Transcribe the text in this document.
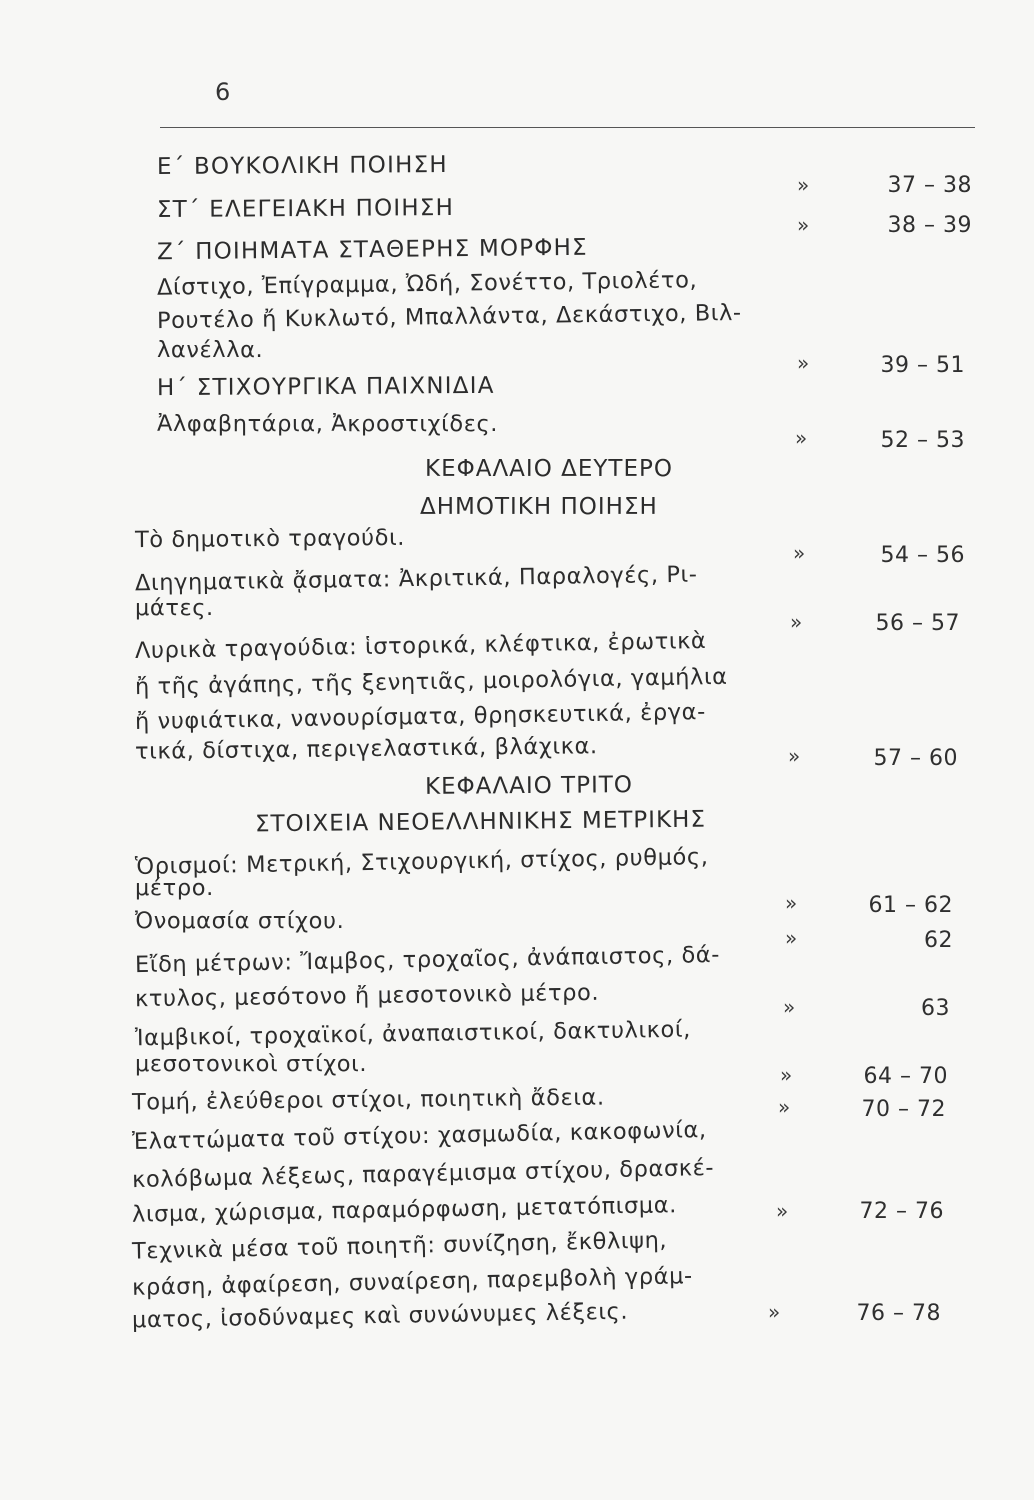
6
Ε΄ ΒΟΥΚΟΛΙΚΗ ΠΟΙΗΣΗ
ΣΤ΄ ΕΛΕΓΕΙΑΚΗ ΠΟΙΗΣΗ
Ζ΄ ΠΟΙΗΜΑΤΑ ΣΤΑΘΕΡΗΣ ΜΟΡΦΗΣ
Δίστιχο, Ἐπίγραμμα, Ὠδή, Σονέττο, Τριολέτο,
Ρουτέλο ἤ Κυκλωτό, Μπαλλάντα, Δεκάστιχο, Βιλ-
λανέλλα.
Η΄ ΣΤΙΧΟΥΡΓΙΚΑ ΠΑΙΧΝΙΔΙΑ
Ἀλφαβητάρια, Ἀκροστιχίδες.
ΚΕΦΑΛΑΙΟ ΔΕΥΤΕΡΟ
ΔΗΜΟΤΙΚΗ ΠΟΙΗΣΗ
Τὸ δημοτικὸ τραγούδι.
Διηγηματικὰ ᾄσματα: Ἀκριτικά, Παραλογές, Ρι-
μάτες.
Λυρικὰ τραγούδια: ἱστορικά, κλέφτικα, ἐρωτικὰ
ἤ τῆς ἀγάπης, τῆς ξενητιᾶς, μοιρολόγια, γαμήλια
ἤ νυφιάτικα, νανουρίσματα, θρησκευτικά, ἐργα-
τικά, δίστιχα, περιγελαστικά, βλάχικα.
ΚΕΦΑΛΑΙΟ ΤΡΙΤΟ
ΣΤΟΙΧΕΙΑ ΝΕΟΕΛΛΗΝΙΚΗΣ ΜΕΤΡΙΚΗΣ
Ὁρισμοί: Μετρική, Στιχουργική, στίχος, ρυθμός,
μέτρο.
Ὀνομασία στίχου.
Εἴδη μέτρων: Ἴαμβος, τροχαῖος, ἀνάπαιστος, δά-
κτυλος, μεσότονο ἤ μεσοτονικὸ μέτρο.
Ἰαμβικοί, τροχαϊκοί, ἀναπαιστικοί, δακτυλικοί,
μεσοτονικοὶ στίχοι.
Τομή, ἐλεύθεροι στίχοι, ποιητικὴ ἄδεια.
Ἐλαττώματα τοῦ στίχου: χασμωδία, κακοφωνία,
κολόβωμα λέξεως, παραγέμισμα στίχου, δρασκέ-
λισμα, χώρισμα, παραμόρφωση, μετατόπισμα.
Τεχνικὰ μέσα τοῦ ποιητῆ: συνίζηση, ἔκθλιψη,
κράση, ἀφαίρεση, συναίρεση, παρεμβολὴ γράμ-
ματος, ἰσοδύναμες καὶ συνώνυμες λέξεις.
»
»
»
»
»
»
»
»
»
»
»
»
»
»
37 – 38
38 – 39
39 – 51
52 – 53
54 – 56
56 – 57
57 – 60
61 – 62
62
63
64 – 70
70 – 72
72 – 76
76 – 78
